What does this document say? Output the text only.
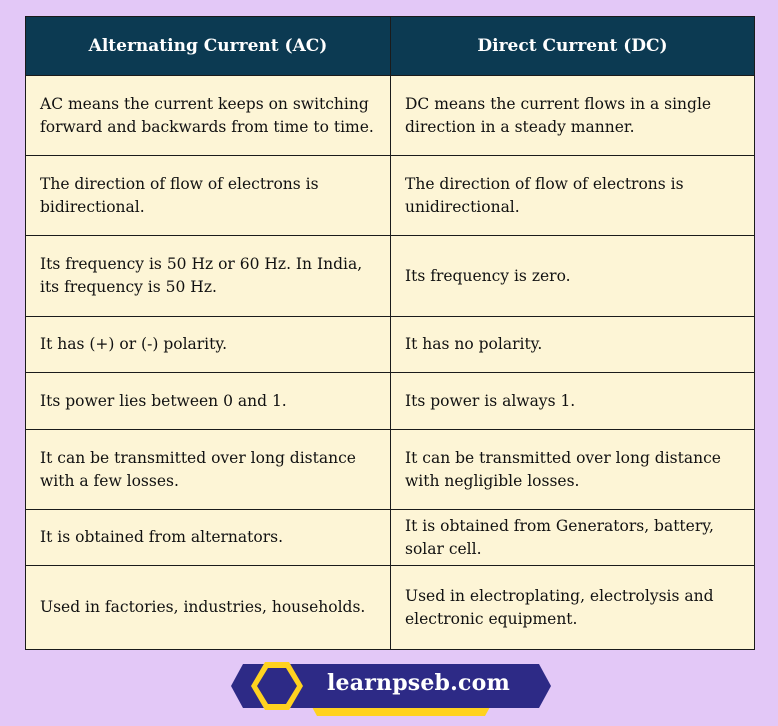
Alternating Current (AC)	Direct Current (DC)
AC means the current keeps on switching forward and backwards from time to time.	DC means the current flows in a single direction in a steady manner.
The direction of flow of electrons is bidirectional.	The direction of flow of electrons is unidirectional.
Its frequency is 50 Hz or 60 Hz. In India, its frequency is 50 Hz.	Its frequency is zero.
It has (+) or (-) polarity.	It has no polarity.
Its power lies between 0 and 1.	Its power is always 1.
It can be transmitted over long distance with a few losses.	It can be transmitted over long distance with negligible losses.
It is obtained from alternators.	It is obtained from Generators, battery, solar cell.
Used in factories, industries, households.	Used in electroplating, electrolysis and electronic equipment.
learnpseb.com
